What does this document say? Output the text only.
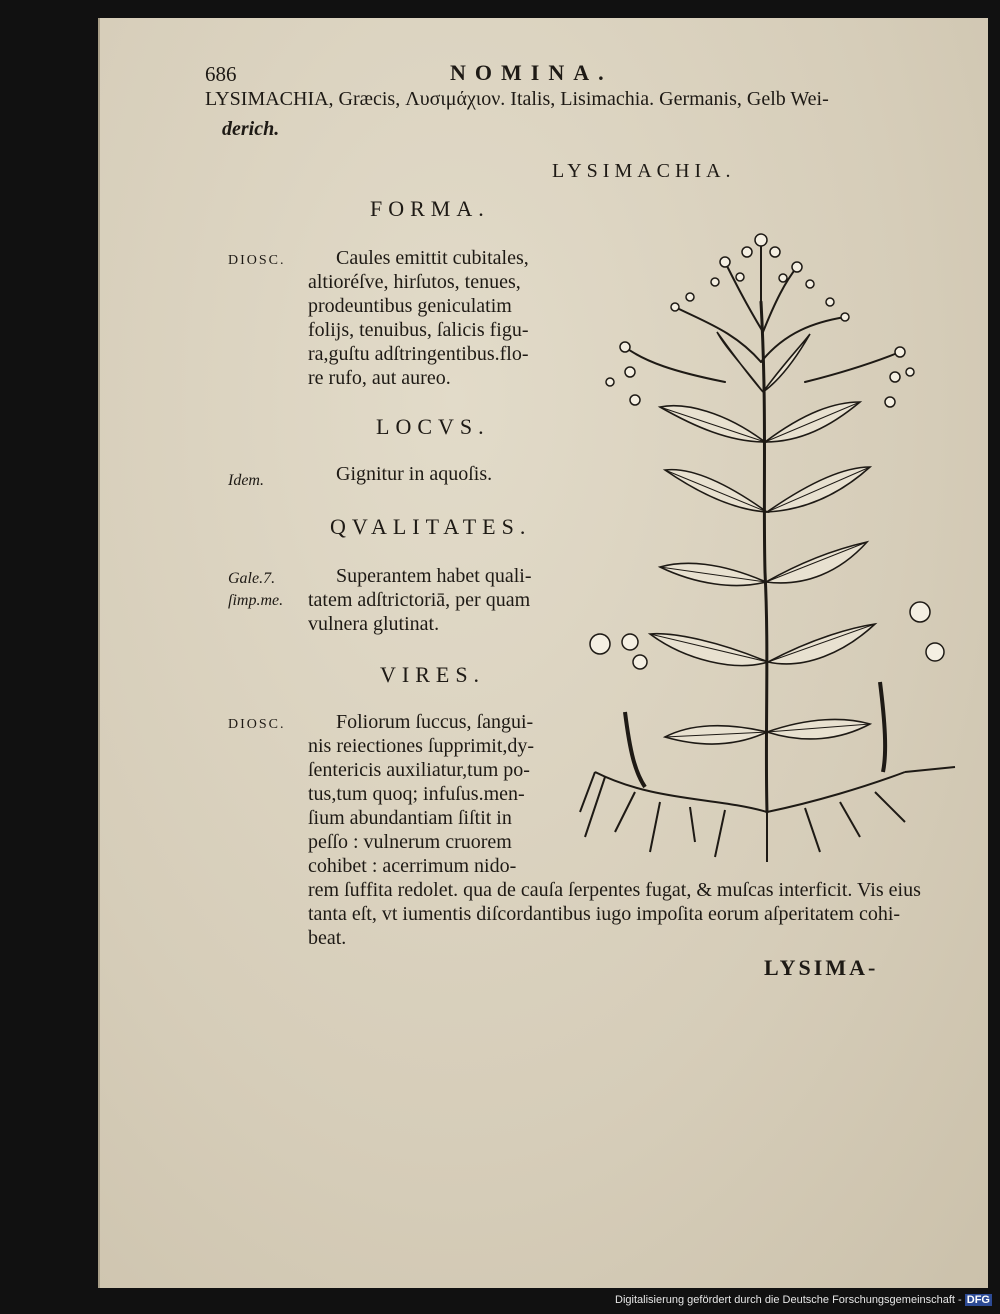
686	NOMINA.
LYSIMACHIA, Græcis, Λυσιμάχιον. Italis, Lisimachia. Germanis, Gelb Wei-
derich.
LYSIMACHIA.
FORMA.
DIOSC.	Caules emittit cubitales,
altioréſve, hirſutos, tenues,
prodeuntibus geniculatim
folijs, tenuibus, ſalicis figu-
ra,guſtu adſtringentibus.flo-
re rufo, aut aureo.
LOCVS.
Idem.	Gignitur in aquoſis.
QVALITATES.
Gale.7.
ſimp.me.
Superantem habet quali-
tatem adſtrictoriā, per quam
vulnera glutinat.
VIRES.
DIOSC.	Foliorum ſuccus, ſangui-
nis reiectiones ſupprimit,dy-
ſentericis auxiliatur,tum po-
tus,tum quoq; infuſus.men-
ſium abundantiam ſiſtit in
peſſo : vulnerum cruorem
cohibet : acerrimum nido-
rem ſuffita redolet. qua de cauſa ſerpentes fugat, & muſcas interficit. Vis eius
tanta eſt, vt iumentis diſcordantibus iugo impoſita eorum aſperitatem cohi-
beat.
LYSIMA-
Digitalisierung gefördert durch die Deutsche Forschungsgemeinschaft - DFG
